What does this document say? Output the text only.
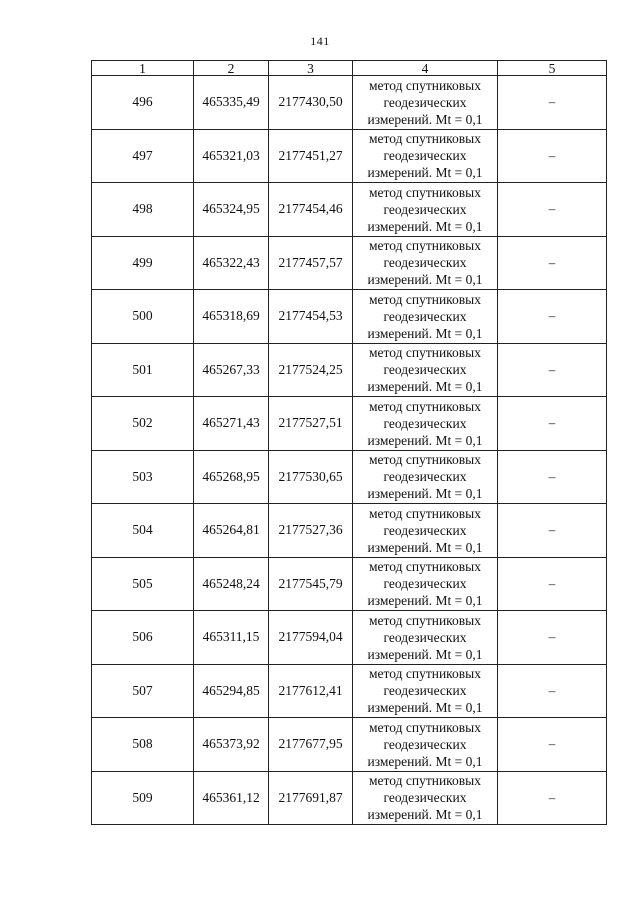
141
1	2	3	4	5
496	465335,49	2177430,50	метод спутниковых
геодезических
измерений. Mt = 0,1	–
497	465321,03	2177451,27	метод спутниковых
геодезических
измерений. Mt = 0,1	–
498	465324,95	2177454,46	метод спутниковых
геодезических
измерений. Mt = 0,1	–
499	465322,43	2177457,57	метод спутниковых
геодезических
измерений. Mt = 0,1	–
500	465318,69	2177454,53	метод спутниковых
геодезических
измерений. Mt = 0,1	–
501	465267,33	2177524,25	метод спутниковых
геодезических
измерений. Mt = 0,1	–
502	465271,43	2177527,51	метод спутниковых
геодезических
измерений. Mt = 0,1	–
503	465268,95	2177530,65	метод спутниковых
геодезических
измерений. Mt = 0,1	–
504	465264,81	2177527,36	метод спутниковых
геодезических
измерений. Mt = 0,1	–
505	465248,24	2177545,79	метод спутниковых
геодезических
измерений. Mt = 0,1	–
506	465311,15	2177594,04	метод спутниковых
геодезических
измерений. Mt = 0,1	–
507	465294,85	2177612,41	метод спутниковых
геодезических
измерений. Mt = 0,1	–
508	465373,92	2177677,95	метод спутниковых
геодезических
измерений. Mt = 0,1	–
509	465361,12	2177691,87	метод спутниковых
геодезических
измерений. Mt = 0,1	–
